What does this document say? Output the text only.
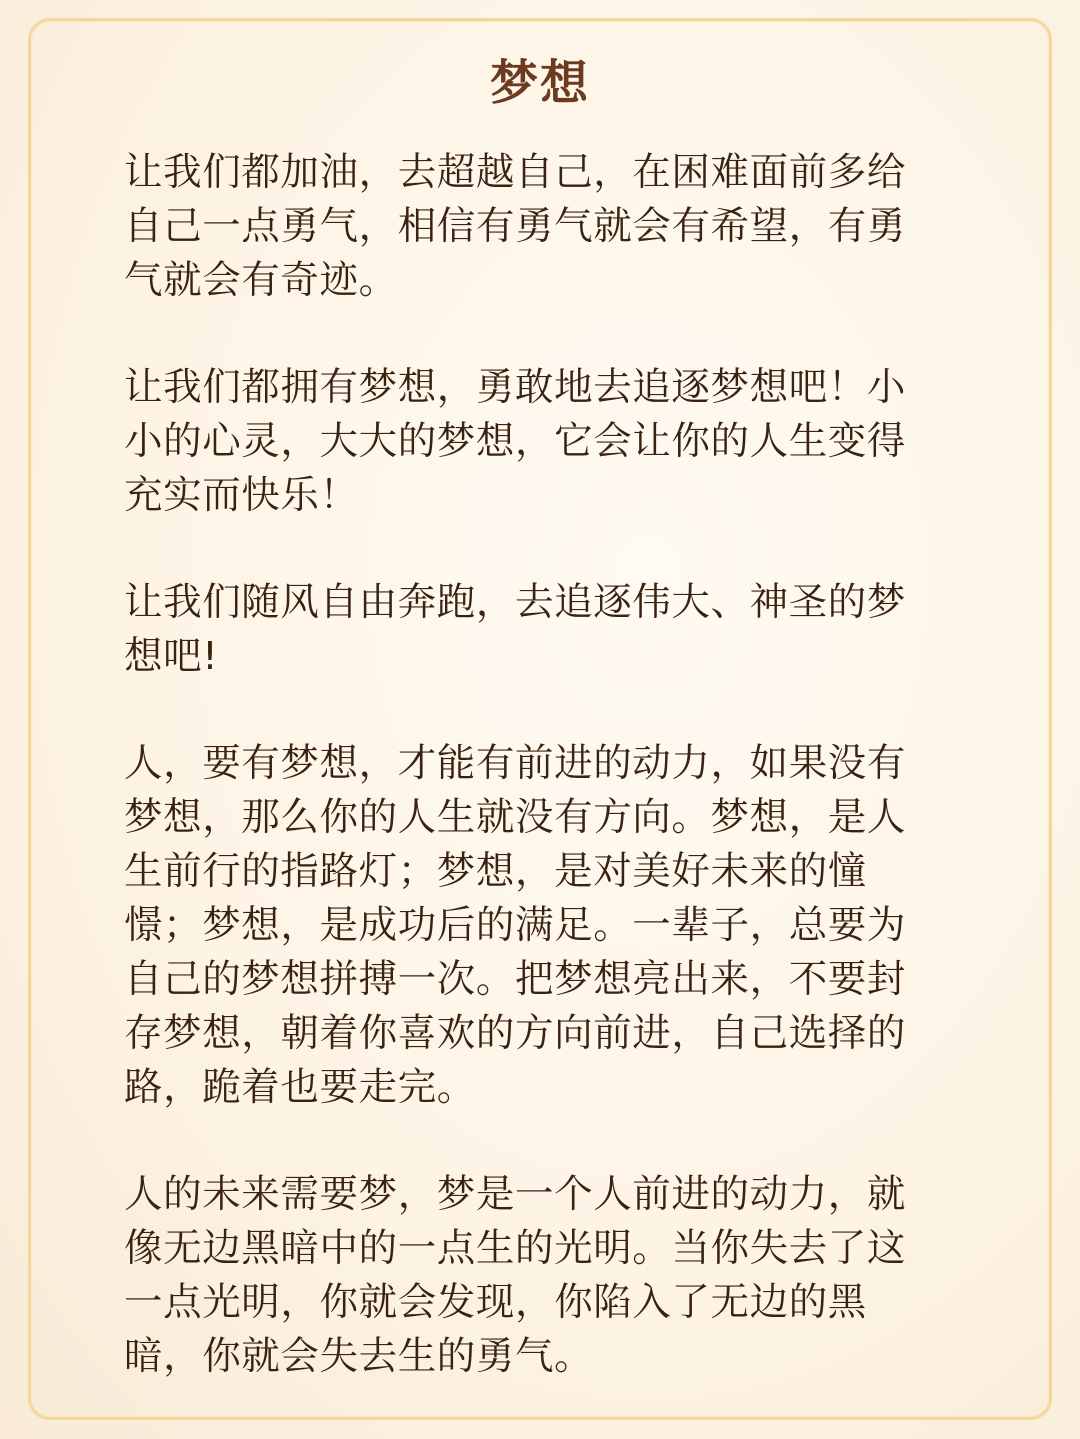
梦想

让我们都加油，去超越自己，在困难面前多给自己一点勇气，相信有勇气就会有希望，有勇气就会有奇迹。

让我们都拥有梦想，勇敢地去追逐梦想吧！小小的心灵，大大的梦想，它会让你的人生变得充实而快乐！

让我们随风自由奔跑，去追逐伟大、神圣的梦想吧!

人，要有梦想，才能有前进的动力，如果没有梦想，那么你的人生就没有方向。梦想，是人生前行的指路灯；梦想，是对美好未来的憧憬；梦想，是成功后的满足。一辈子，总要为自己的梦想拼搏一次。把梦想亮出来，不要封存梦想，朝着你喜欢的方向前进，自己选择的路，跪着也要走完。

人的未来需要梦，梦是一个人前进的动力，就像无边黑暗中的一点生的光明。当你失去了这一点光明，你就会发现，你陷入了无边的黑暗，你就会失去生的勇气。
